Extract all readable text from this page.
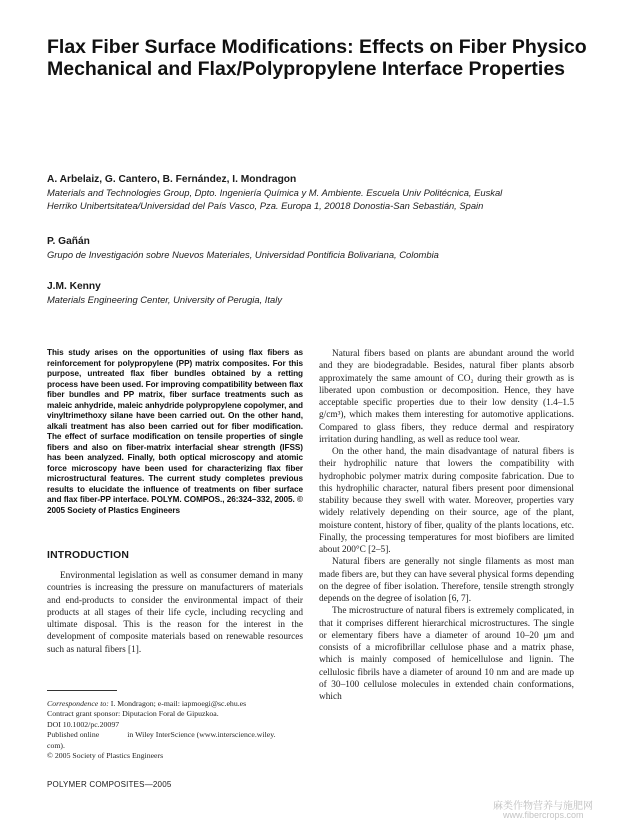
Flax Fiber Surface Modifications: Effects on Fiber Physico Mechanical and Flax/Polypropylene Interface Properties
A. Arbelaiz, G. Cantero, B. Fernández, I. Mondragon
Materials and Technologies Group, Dpto. Ingeniería Química y M. Ambiente. Escuela Univ Politécnica, Euskal
Herriko Unibertsitatea/Universidad del País Vasco, Pza. Europa 1, 20018 Donostia-San Sebastián, Spain
P. Gañán
Grupo de Investigación sobre Nuevos Materiales, Universidad Pontificia Bolivariana, Colombia
J.M. Kenny
Materials Engineering Center, University of Perugia, Italy
This study arises on the opportunities of using flax fibers as reinforcement for polypropylene (PP) matrix composites. For this purpose, untreated flax fiber bundles obtained by a retting process have been used. For improving compatibility between flax fiber bundles and PP matrix, fiber surface treatments such as maleic anhydride, maleic anhydride polypropylene copolymer, and vinyltrimethoxy silane have been carried out. On the other hand, alkali treatment has also been carried out for fiber modification. The effect of surface modification on tensile properties of single fibers and also on fiber-matrix interfacial shear strength (IFSS) has been analyzed. Finally, both optical microscopy and atomic force microscopy have been used for characterizing flax fiber microstructural features. The current study completes previous results to elucidate the influence of treatments on fiber surface and flax fiber-PP interface. POLYM. COMPOS., 26:324–332, 2005. © 2005 Society of Plastics Engineers
INTRODUCTION

Environmental legislation as well as consumer demand in many countries is increasing the pressure on manufacturers of materials and end-products to consider the environmental impact of their products at all stages of their life cycle, including recycling and ultimate disposal. This is the reason for the interest in the development of composite materials based on renewable resources such as natural fibers [1].

Natural fibers based on plants are abundant around the world and they are biodegradable. Besides, natural fiber plants absorb approximately the same amount of CO₂ during their growth as is liberated upon combustion or decomposition. Hence, they have acceptable specific properties due to their low density (1.4–1.5 g/cm³), which makes them interesting for automotive applications. Compared to glass fibers, they reduce dermal and respiratory irritation during handling, as well as reduce tool wear.

On the other hand, the main disadvantage of natural fibers is their hydrophilic nature that lowers the compatibility with hydrophobic polymer matrix during composite fabrication. Due to this hydrophilic character, natural fibers present poor dimensional stability because they swell with water. Moreover, properties vary widely relatively depending on their source, age of the plant, moisture content, history of fiber, quality of the plants locations, etc. Finally, the processing temperatures for most biofibers are limited about 200°C [2–5].

Natural fibers are generally not single filaments as most man made fibers are, but they can have several physical forms depending on the degree of fiber isolation. Therefore, tensile strength strongly depends on the degree of isolation [6, 7].

The microstructure of natural fibers is extremely complicated, in that it comprises different hierarchical microstructures. The single or elementary fibers have a diameter of around 10–20 μm and consists of a microfibrillar cellulose phase and a matrix phase, which is mainly composed of hemicellulose and lignin. The cellulosic fibrils have a diameter of around 10 nm and are made up of 30–100 cellulose molecules in extended chain conformations, which

Correspondence to: I. Mondragon; e-mail: iapmoegi@sc.ehu.es
Contract grant sponsor: Diputacion Foral de Gipuzkoa.
DOI 10.1002/pc.20097
Published online	in Wiley InterScience (www.interscience.wiley.
com).
© 2005 Society of Plastics Engineers
POLYMER COMPOSITES—2005
麻类作物营养与施肥网
www.fibercrops.com
